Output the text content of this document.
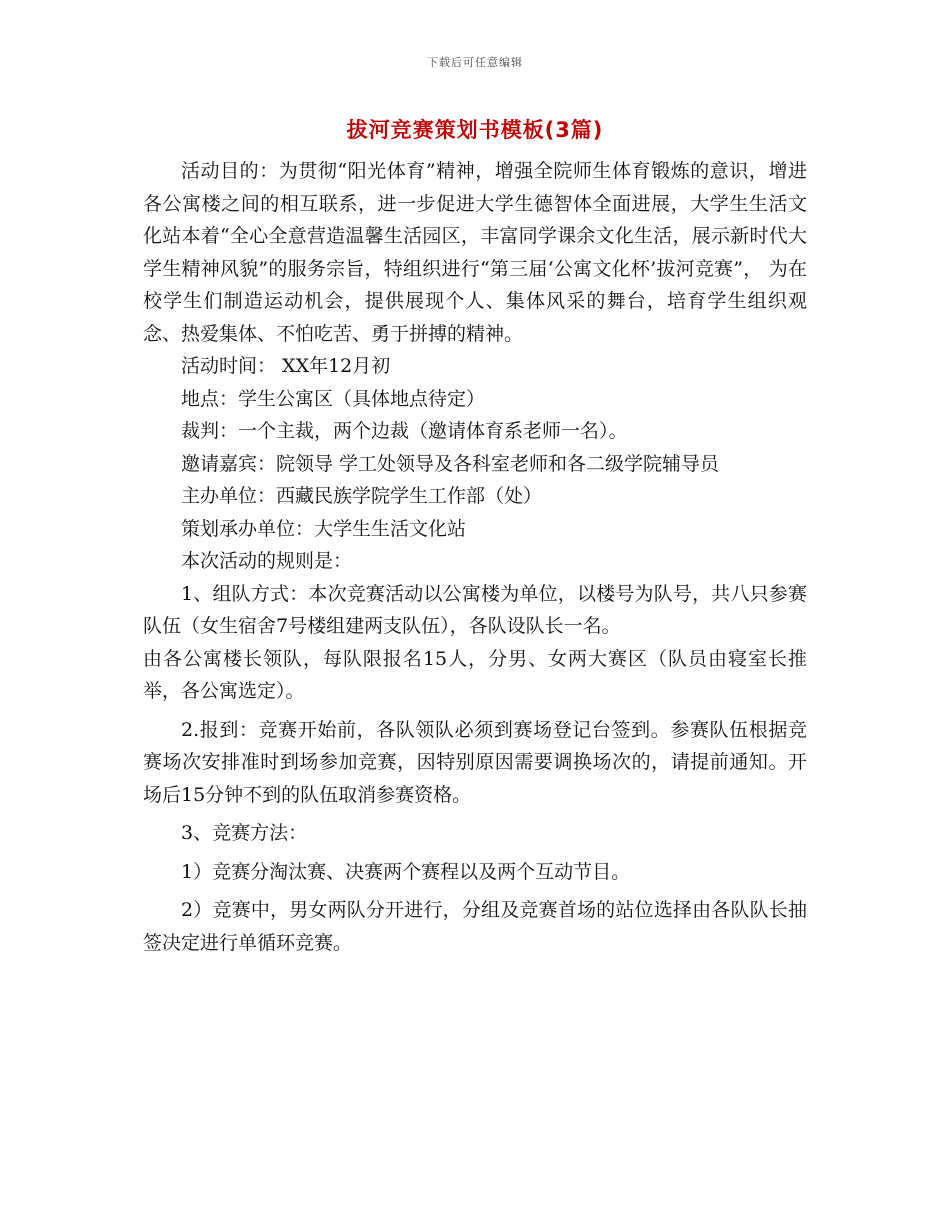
下载后可任意编辑
拔河竞赛策划书模板(3篇)

活动目的：为贯彻“阳光体育”精神，增强全院师生体育锻炼的意识，增进各公寓楼之间的相互联系，进一步促进大学生德智体全面进展，大学生生活文化站本着“全心全意营造温馨生活园区，丰富同学课余文化生活，展示新时代大学生精神风貌”的服务宗旨，特组织进行“第三届‘公寓文化杯’拔河竞赛”， 为在校学生们制造运动机会，提供展现个人、集体风采的舞台，培育学生组织观念、热爱集体、不怕吃苦、勇于拼搏的精神。

活动时间： XX年12月初

地点：学生公寓区（具体地点待定）

裁判：一个主裁，两个边裁（邀请体育系老师一名）。

邀请嘉宾：院领导 学工处领导及各科室老师和各二级学院辅导员

主办单位：西藏民族学院学生工作部（处）

策划承办单位：大学生生活文化站

本次活动的规则是：

1、组队方式：本次竞赛活动以公寓楼为单位，以楼号为队号，共八只参赛队伍（女生宿舍7号楼组建两支队伍），各队设队长一名。

由各公寓楼长领队，每队限报名15人，分男、女两大赛区（队员由寝室长推举，各公寓选定）。

2.报到：竞赛开始前，各队领队必须到赛场登记台签到。参赛队伍根据竞赛场次安排准时到场参加竞赛，因特别原因需要调换场次的，请提前通知。开场后15分钟不到的队伍取消参赛资格。

3、竞赛方法：

1）竞赛分淘汰赛、决赛两个赛程以及两个互动节目。

2）竞赛中，男女两队分开进行，分组及竞赛首场的站位选择由各队队长抽签决定进行单循环竞赛。
